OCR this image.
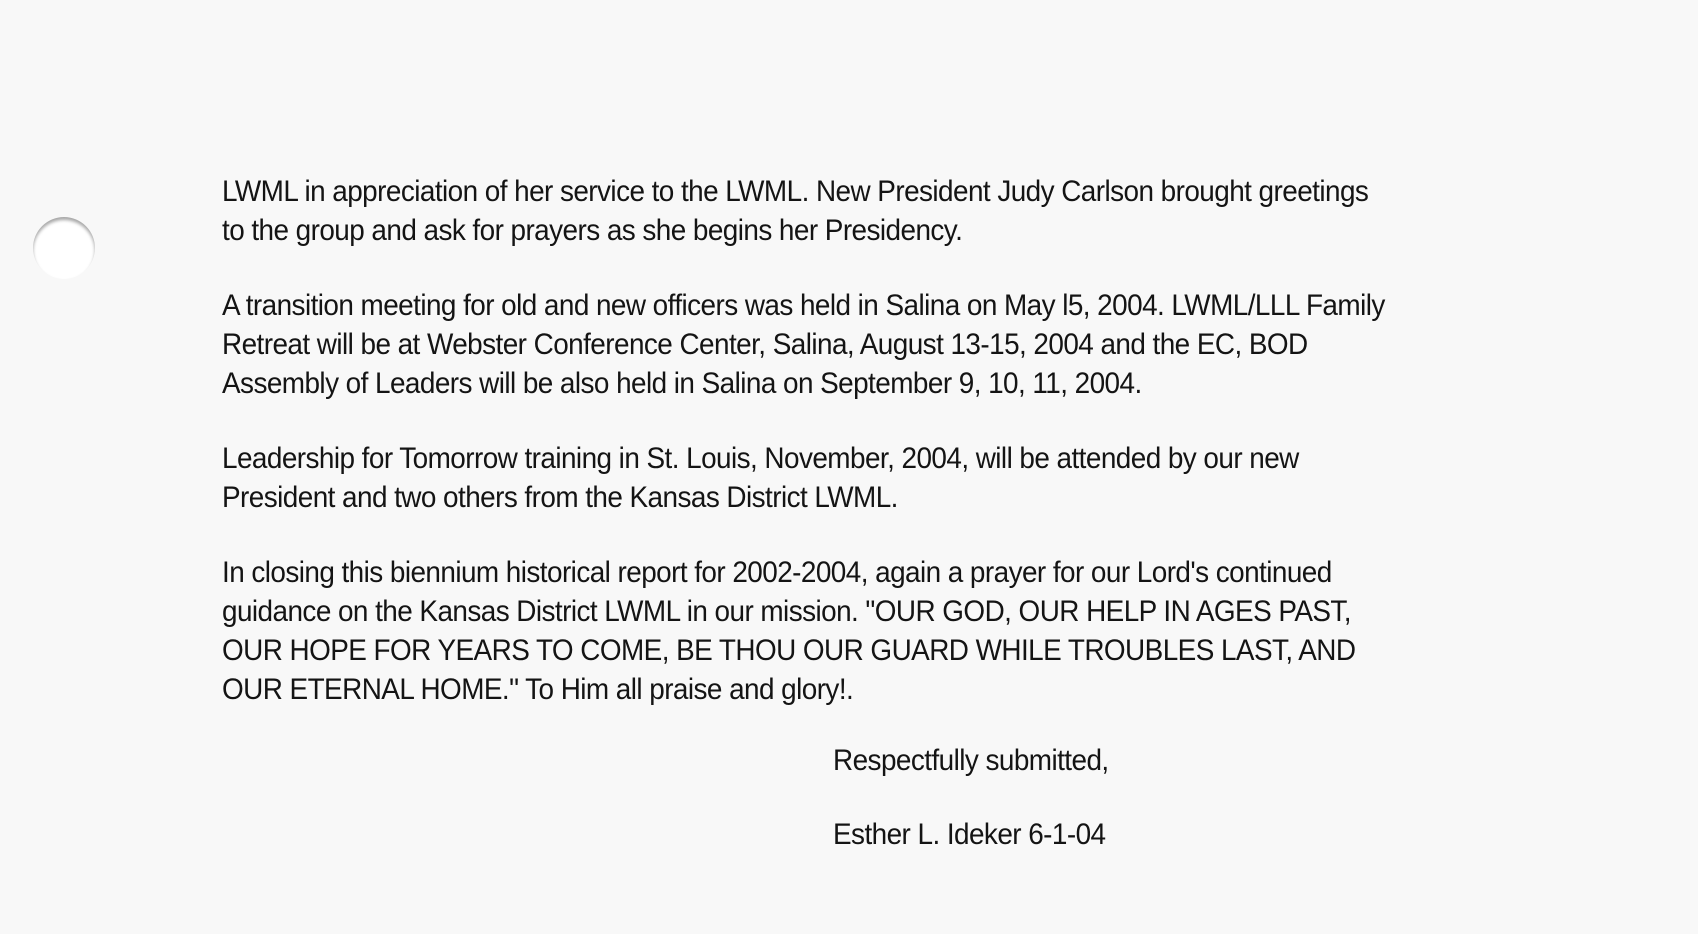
LWML in appreciation of her service to the LWML. New President Judy Carlson brought greetings
to the group and ask for prayers as she begins her Presidency.

A transition meeting for old and new officers was held in Salina on May l5, 2004. LWML/LLL Family
Retreat will be at Webster Conference Center, Salina, August 13-15, 2004 and the EC, BOD
Assembly of Leaders will be also held in Salina on September 9, 10, 11, 2004.

Leadership for Tomorrow training in St. Louis, November, 2004, will be attended by our new
President and two others from the Kansas District LWML.

In closing this biennium historical report for 2002-2004, again a prayer for our Lord's continued
guidance on the Kansas District LWML in our mission. "OUR GOD, OUR HELP IN AGES PAST,
OUR HOPE FOR YEARS TO COME, BE THOU OUR GUARD WHILE TROUBLES LAST, AND
OUR ETERNAL HOME." To Him all praise and glory!.

Respectfully submitted,
Esther L. Ideker 6-1-04
